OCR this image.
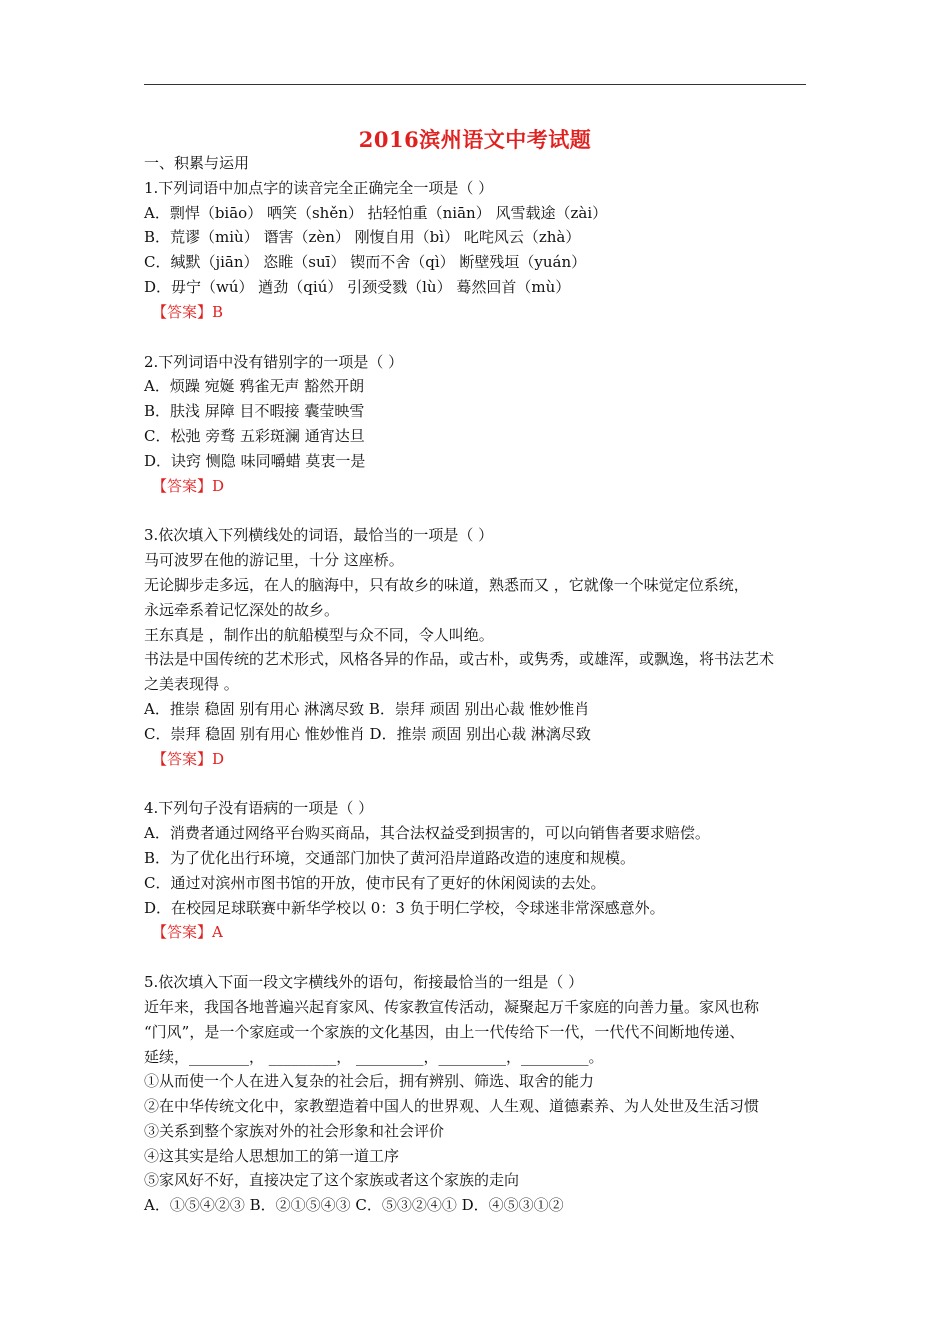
2016滨州语文中考试题
一、积累与运用
1.下列词语中加点字的读音完全正确完全一项是（ ）
A．剽悍（biāo） 哂笑（shěn） 拈轻怕重（niān） 风雪载途（zài）
B．荒谬（miù） 谮害（zèn） 刚愎自用（bì） 叱咤风云（zhà）
C．缄默（jiān） 恣睢（suī） 锲而不舍（qì） 断壁残垣（yuán）
D．毋宁（wú） 遒劲（qiú） 引颈受戮（lù） 蓦然回首（mù）
【答案】B
2.下列词语中没有错别字的一项是（ ）
A．烦躁 宛娫 鸦雀无声 豁然开朗
B．肤浅 屏障 目不暇接 囊莹映雪
C．松弛 旁骛 五彩斑澜 通宵达旦
D．诀窍 恻隐 味同嚼蜡 莫衷一是
【答案】D
3.依次填入下列横线处的词语，最恰当的一项是（ ）
马可波罗在他的游记里，十分 这座桥。
无论脚步走多远，在人的脑海中，只有故乡的味道，熟悉而又 ，它就像一个味觉定位系统，
永远牵系着记忆深处的故乡。
王东真是 ，制作出的航船模型与众不同，令人叫绝。
书法是中国传统的艺术形式，风格各异的作品，或古朴，或隽秀，或雄浑，或飘逸，将书法艺术
之美表现得 。
A．推崇 稳固 别有用心 淋漓尽致 B．崇拜 顽固 别出心裁 惟妙惟肖
C．崇拜 稳固 别有用心 惟妙惟肖 D．推崇 顽固 别出心裁 淋漓尽致
【答案】D
4.下列句子没有语病的一项是（ ）
A．消费者通过网络平台购买商品，其合法权益受到损害的，可以向销售者要求赔偿。
B．为了优化出行环境，交通部门加快了黄河沿岸道路改造的速度和规模。
C．通过对滨州市图书馆的开放，使市民有了更好的休闲阅读的去处。
D．在校园足球联赛中新华学校以 0：3 负于明仁学校，令球迷非常深感意外。
【答案】A
5.依次填入下面一段文字横线外的语句，衔接最恰当的一组是（ ）
近年来，我国各地普遍兴起育家风、传家教宣传活动，凝聚起万千家庭的向善力量。家风也称
“门风”，是一个家庭或一个家族的文化基因，由上一代传给下一代，一代代不间断地传递、
延续，________， _________， _________，_________，_________。
①从而使一个人在进入复杂的社会后，拥有辨别、筛选、取舍的能力
②在中华传统文化中，家教塑造着中国人的世界观、人生观、道德素养、为人处世及生活习惯
③关系到整个家族对外的社会形象和社会评价
④这其实是给人思想加工的第一道工序
⑤家风好不好，直接决定了这个家族或者这个家族的走向
A．①⑤④②③ B．②①⑤④③ C．⑤③②④① D．④⑤③①②
